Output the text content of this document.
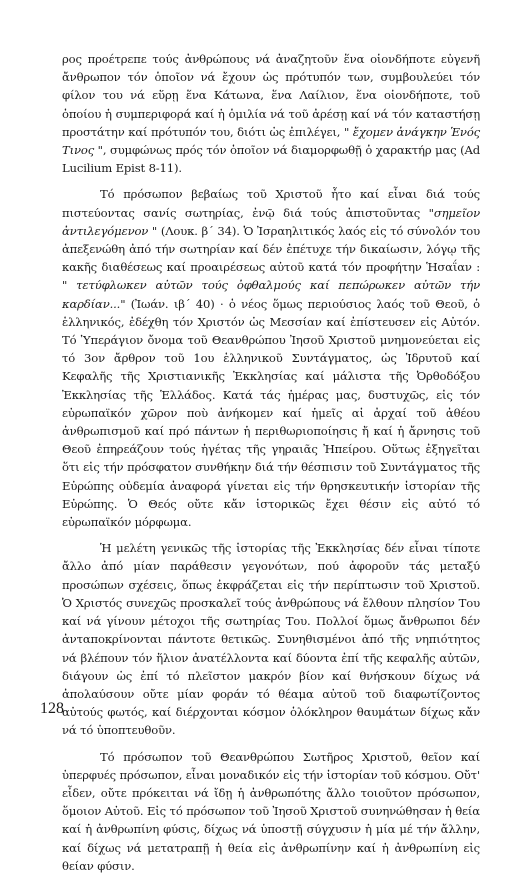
ρος προέτρεπε τούς ἀνθρώπους νά ἀναζητοῦν ἕνα οἱονδήποτε εὐγενῆ ἄνθρωπον τόν ὁποῖον νά ἔχουν ὡς πρότυπόν των, συμβουλεύει τόν φίλον του νά εὕρῃ ἕνα Κάτωνα, ἕνα Λαίλιον, ἕνα οἱονδήποτε, τοῦ ὁποίου ἡ συμπεριφορά καί ἡ ὁμιλία νά τοῦ ἀρέσῃ καί νά τόν καταστήσῃ προστάτην καί πρότυπόν του, διότι ὡς ἐπιλέγει, " ἔχομεν ἀνάγκην Ἑνός Τινος ", συμφώνως πρός τόν ὁποῖον νά διαμορφωθῇ ὁ χαρακτήρ μας (Ad Lucilium Epist 8-11).

Τό πρόσωπον βεβαίως τοῦ Χριστοῦ ἦτο καί εἶναι διά τούς πιστεύοντας σανίς σωτηρίας, ἐνῷ διά τούς ἀπιστοῦντας "σημεῖον ἀντιλεγόμενον " (Λουκ. β´ 34). Ὁ Ἰσραηλιτικός λαός εἰς τό σύνολόν του ἀπεξενώθη ἀπό τήν σωτηρίαν καί δέν ἐπέτυχε τήν δικαίωσιν, λόγῳ τῆς κακῆς διαθέσεως καί προαιρέσεως αὐτοῦ κατά τόν προφήτην Ἡσαΐαν : " τετύφλωκεν αὐτῶν τούς ὀφθαλμούς καί πεπώρωκεν αὐτῶν τήν καρδίαν..." (Ἰωάν. ιβ´ 40) · ὁ νέος ὅμως περιούσιος λαός τοῦ Θεοῦ, ὁ ἑλληνικός, ἐδέχθη τόν Χριστόν ὡς Μεσσίαν καί ἐπίστευσεν εἰς Αὐτόν. Τό Ὑπεράγιον ὄνομα τοῦ Θεανθρώπου Ἰησοῦ Χριστοῦ μνημονεύεται εἰς τό 3ον ἄρθρον τοῦ 1ου ἑλληνικοῦ Συντάγματος, ὡς Ἱδρυτοῦ καί Κεφαλῆς τῆς Χριστιανικῆς Ἐκκλησίας καί μάλιστα τῆς Ὀρθοδόξου Ἐκκλησίας τῆς Ἑλλάδος. Κατά τάς ἡμέρας μας, δυστυχῶς, εἰς τόν εὐρωπαϊκόν χῶρον ποὺ ἀνήκομεν καί ἡμεῖς αἱ ἀρχαί τοῦ ἀθέου ἀνθρωπισμοῦ καί πρό πάντων ἡ περιθωριοποίησις ἤ καί ἡ ἄρνησις τοῦ Θεοῦ ἐπηρεάζουν τούς ἡγέτας τῆς γηραιᾶς Ἠπείρου. Οὕτως ἐξηγεῖται ὅτι εἰς τήν πρόσφατον συνθήκην διά τήν θέσπισιν τοῦ Συντάγματος τῆς Εὐρώπης οὐδεμία ἀναφορά γίνεται εἰς τήν θρησκευτικήν ἱστορίαν τῆς Εὐρώπης. Ὁ Θεός οὔτε κἄν ἱστορικῶς ἔχει θέσιν εἰς αὐτό τό εὐρωπαϊκόν μόρφωμα.

Ἡ μελέτη γενικῶς τῆς ἱστορίας τῆς Ἐκκλησίας δέν εἶναι τίποτε ἄλλο ἀπό μίαν παράθεσιν γεγονότων, πού ἀφοροῦν τάς μεταξύ προσώπων σχέσεις, ὅπως ἐκφράζεται εἰς τήν περίπτωσιν τοῦ Χριστοῦ. Ὁ Χριστός συνεχῶς προσκαλεῖ τούς ἀνθρώπους νά ἔλθουν πλησίον Του καί νά γίνουν μέτοχοι τῆς σωτηρίας Του. Πολλοί ὅμως ἄνθρωποι δέν ἀνταποκρίνονται πάντοτε θετικῶς. Συνηθισμένοι ἀπό τῆς νηπιότητος νά βλέπουν τόν ἥλιον ἀνατέλλοντα καί δύοντα ἐπί τῆς κεφαλῆς αὐτῶν, διάγουν ὡς ἐπί τό πλεῖστον μακρόν βίον καί θνήσκουν δίχως νά ἀπολαύσουν οὔτε μίαν φοράν τό θέαμα αὐτοῦ τοῦ διαφωτίζοντος αὐτούς φωτός, καί διέρχονται κόσμον ὁλόκληρον θαυμάτων δίχως κἄν νά τό ὑποπτευθοῦν.

Τό πρόσωπον τοῦ Θεανθρώπου Σωτῆρος Χριστοῦ, θεῖον καί ὑπερφυές πρόσωπον, εἶναι μοναδικόν εἰς τήν ἱστορίαν τοῦ κόσμου. Οὔτ' εἶδεν, οὔτε πρόκειται νά ἴδῃ ἡ ἀνθρωπότης ἄλλο τοιοῦτον πρόσωπον, ὅμοιον Αὐτοῦ. Εἰς τό πρόσωπον τοῦ Ἰησοῦ Χριστοῦ συνηνώθησαν ἡ θεία καί ἡ ἀνθρωπίνη φύσις, δίχως νά ὑποστῇ σύγχυσιν ἡ μία μέ τήν ἄλλην, καί δίχως νά μετατραπῇ ἡ θεία εἰς ἀνθρωπίνην καί ἡ ἀνθρωπίνη εἰς θείαν φύσιν.

128
